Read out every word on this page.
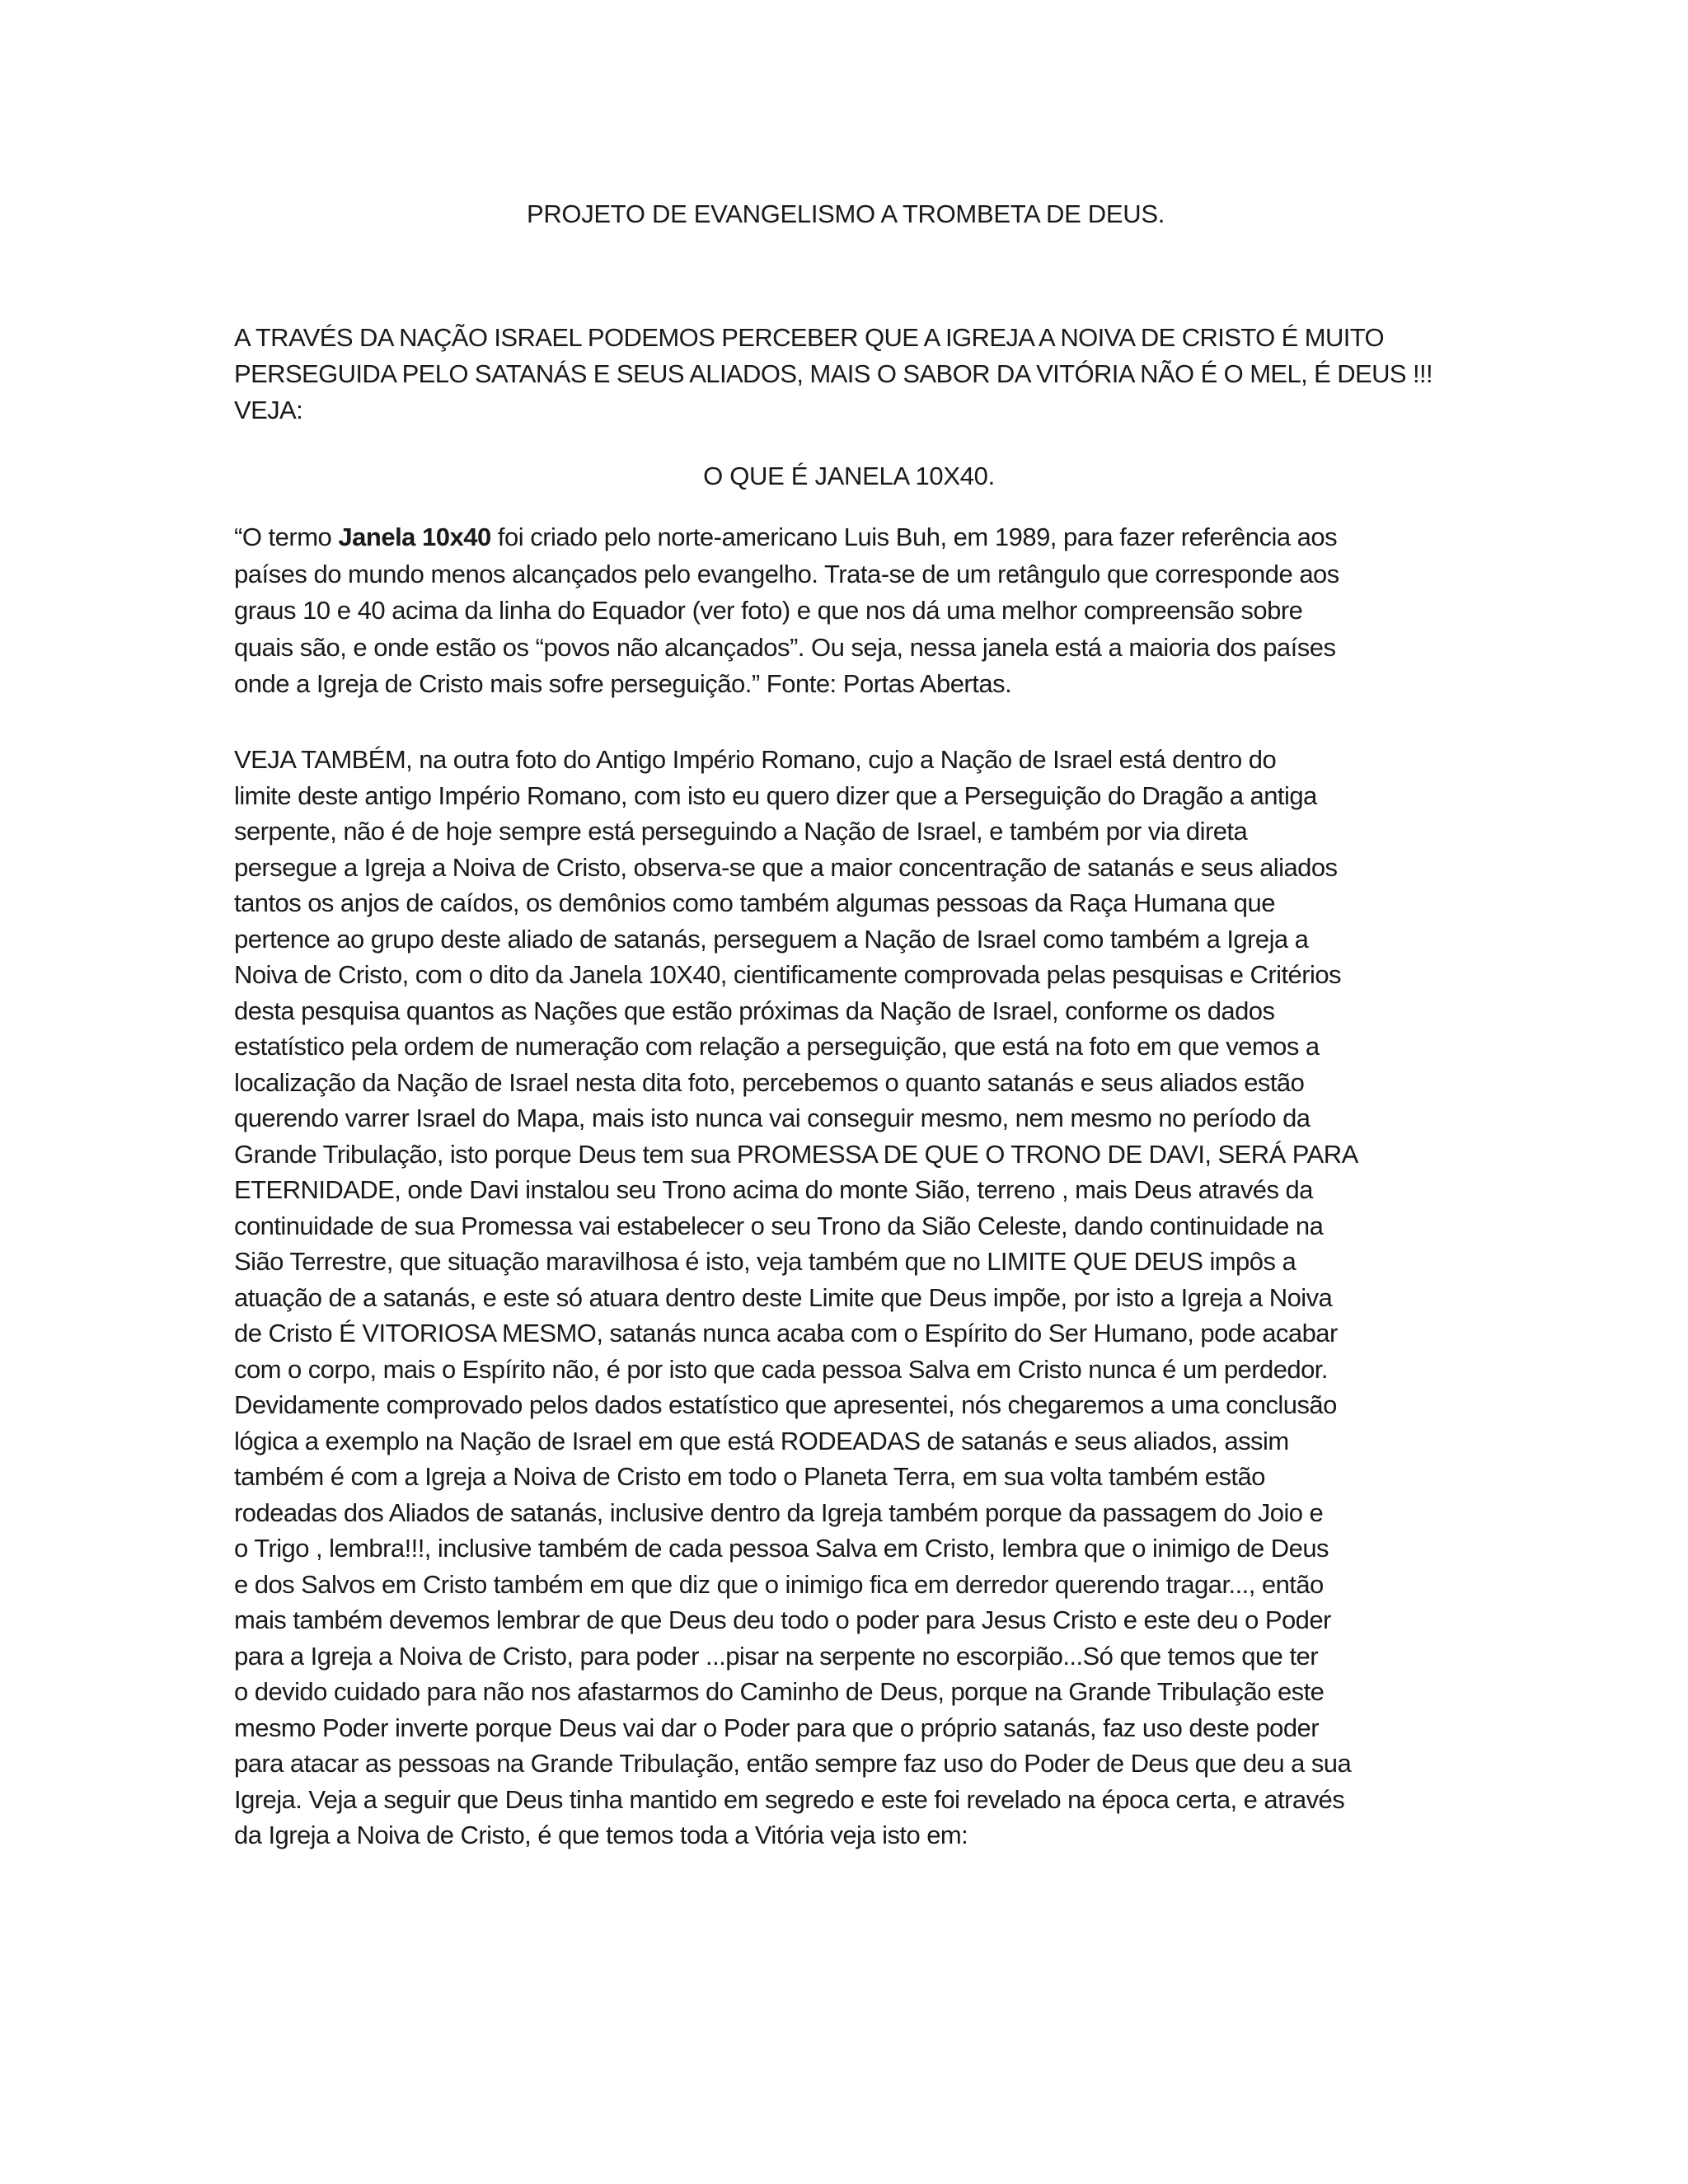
PROJETO DE EVANGELISMO A TROMBETA DE DEUS.

A TRAVÉS DA NAÇÃO ISRAEL PODEMOS PERCEBER QUE A IGREJA A NOIVA DE CRISTO É MUITO
PERSEGUIDA PELO SATANÁS E SEUS ALIADOS, MAIS O SABOR DA VITÓRIA NÃO É O MEL, É DEUS !!!
VEJA:

O QUE É JANELA 10X40.

“O termo Janela 10x40 foi criado pelo norte-americano Luis Buh, em 1989, para fazer referência aos
países do mundo menos alcançados pelo evangelho. Trata-se de um retângulo que corresponde aos
graus 10 e 40 acima da linha do Equador (ver foto) e que nos dá uma melhor compreensão sobre
quais são, e onde estão os “povos não alcançados”. Ou seja, nessa janela está a maioria dos países
onde a Igreja de Cristo mais sofre perseguição.” Fonte: Portas Abertas.

VEJA TAMBÉM, na outra foto do Antigo Império Romano, cujo a Nação de Israel está dentro do
limite deste antigo Império Romano, com isto eu quero dizer que a Perseguição do Dragão a antiga
serpente, não é de hoje sempre está perseguindo a Nação de Israel, e também por via direta
persegue a Igreja a Noiva de Cristo, observa-se que a maior concentração de satanás e seus aliados
tantos os anjos de caídos, os demônios como também algumas pessoas da Raça Humana que
pertence ao grupo deste aliado de satanás, perseguem a Nação de Israel como também a Igreja a
Noiva de Cristo, com o dito da Janela 10X40, cientificamente comprovada pelas pesquisas e Critérios
desta pesquisa quantos as Nações que estão próximas da Nação de Israel, conforme os dados
estatístico pela ordem de numeração com relação a perseguição, que está na foto em que vemos a
localização da Nação de Israel nesta dita foto, percebemos o quanto satanás e seus aliados estão
querendo varrer Israel do Mapa, mais isto nunca vai conseguir mesmo, nem mesmo no período da
Grande Tribulação, isto porque Deus tem sua PROMESSA DE QUE O TRONO DE DAVI, SERÁ PARA
ETERNIDADE, onde Davi instalou seu Trono acima do monte Sião, terreno , mais Deus através da
continuidade de sua Promessa vai estabelecer o seu Trono da Sião Celeste, dando continuidade na
Sião Terrestre, que situação maravilhosa é isto, veja também que no LIMITE QUE DEUS impôs a
atuação de a satanás, e este só atuara dentro deste Limite que Deus impõe, por isto a Igreja a Noiva
de Cristo É VITORIOSA MESMO, satanás nunca acaba com o Espírito do Ser Humano, pode acabar
com o corpo, mais o Espírito não, é por isto que cada pessoa Salva em Cristo nunca é um perdedor.
Devidamente comprovado pelos dados estatístico que apresentei, nós chegaremos a uma conclusão
lógica a exemplo na Nação de Israel em que está RODEADAS de satanás e seus aliados, assim
também é com a Igreja a Noiva de Cristo em todo o Planeta Terra, em sua volta também estão
rodeadas dos Aliados de satanás, inclusive dentro da Igreja também porque da passagem do Joio e
o Trigo , lembra!!!, inclusive também de cada pessoa Salva em Cristo, lembra que o inimigo de Deus
e dos Salvos em Cristo também em que diz que o inimigo fica em derredor querendo tragar..., então
mais também devemos lembrar de que Deus deu todo o poder para Jesus Cristo e este deu o Poder
para a Igreja a Noiva de Cristo, para poder ...pisar na serpente no escorpião...Só que temos que ter
o devido cuidado para não nos afastarmos do Caminho de Deus, porque na Grande Tribulação este
mesmo Poder inverte porque Deus vai dar o Poder para que o próprio satanás, faz uso deste poder
para atacar as pessoas na Grande Tribulação, então sempre faz uso do Poder de Deus que deu a sua
Igreja. Veja a seguir que Deus tinha mantido em segredo e este foi revelado na época certa, e através
da Igreja a Noiva de Cristo, é que temos toda a Vitória veja isto em:
